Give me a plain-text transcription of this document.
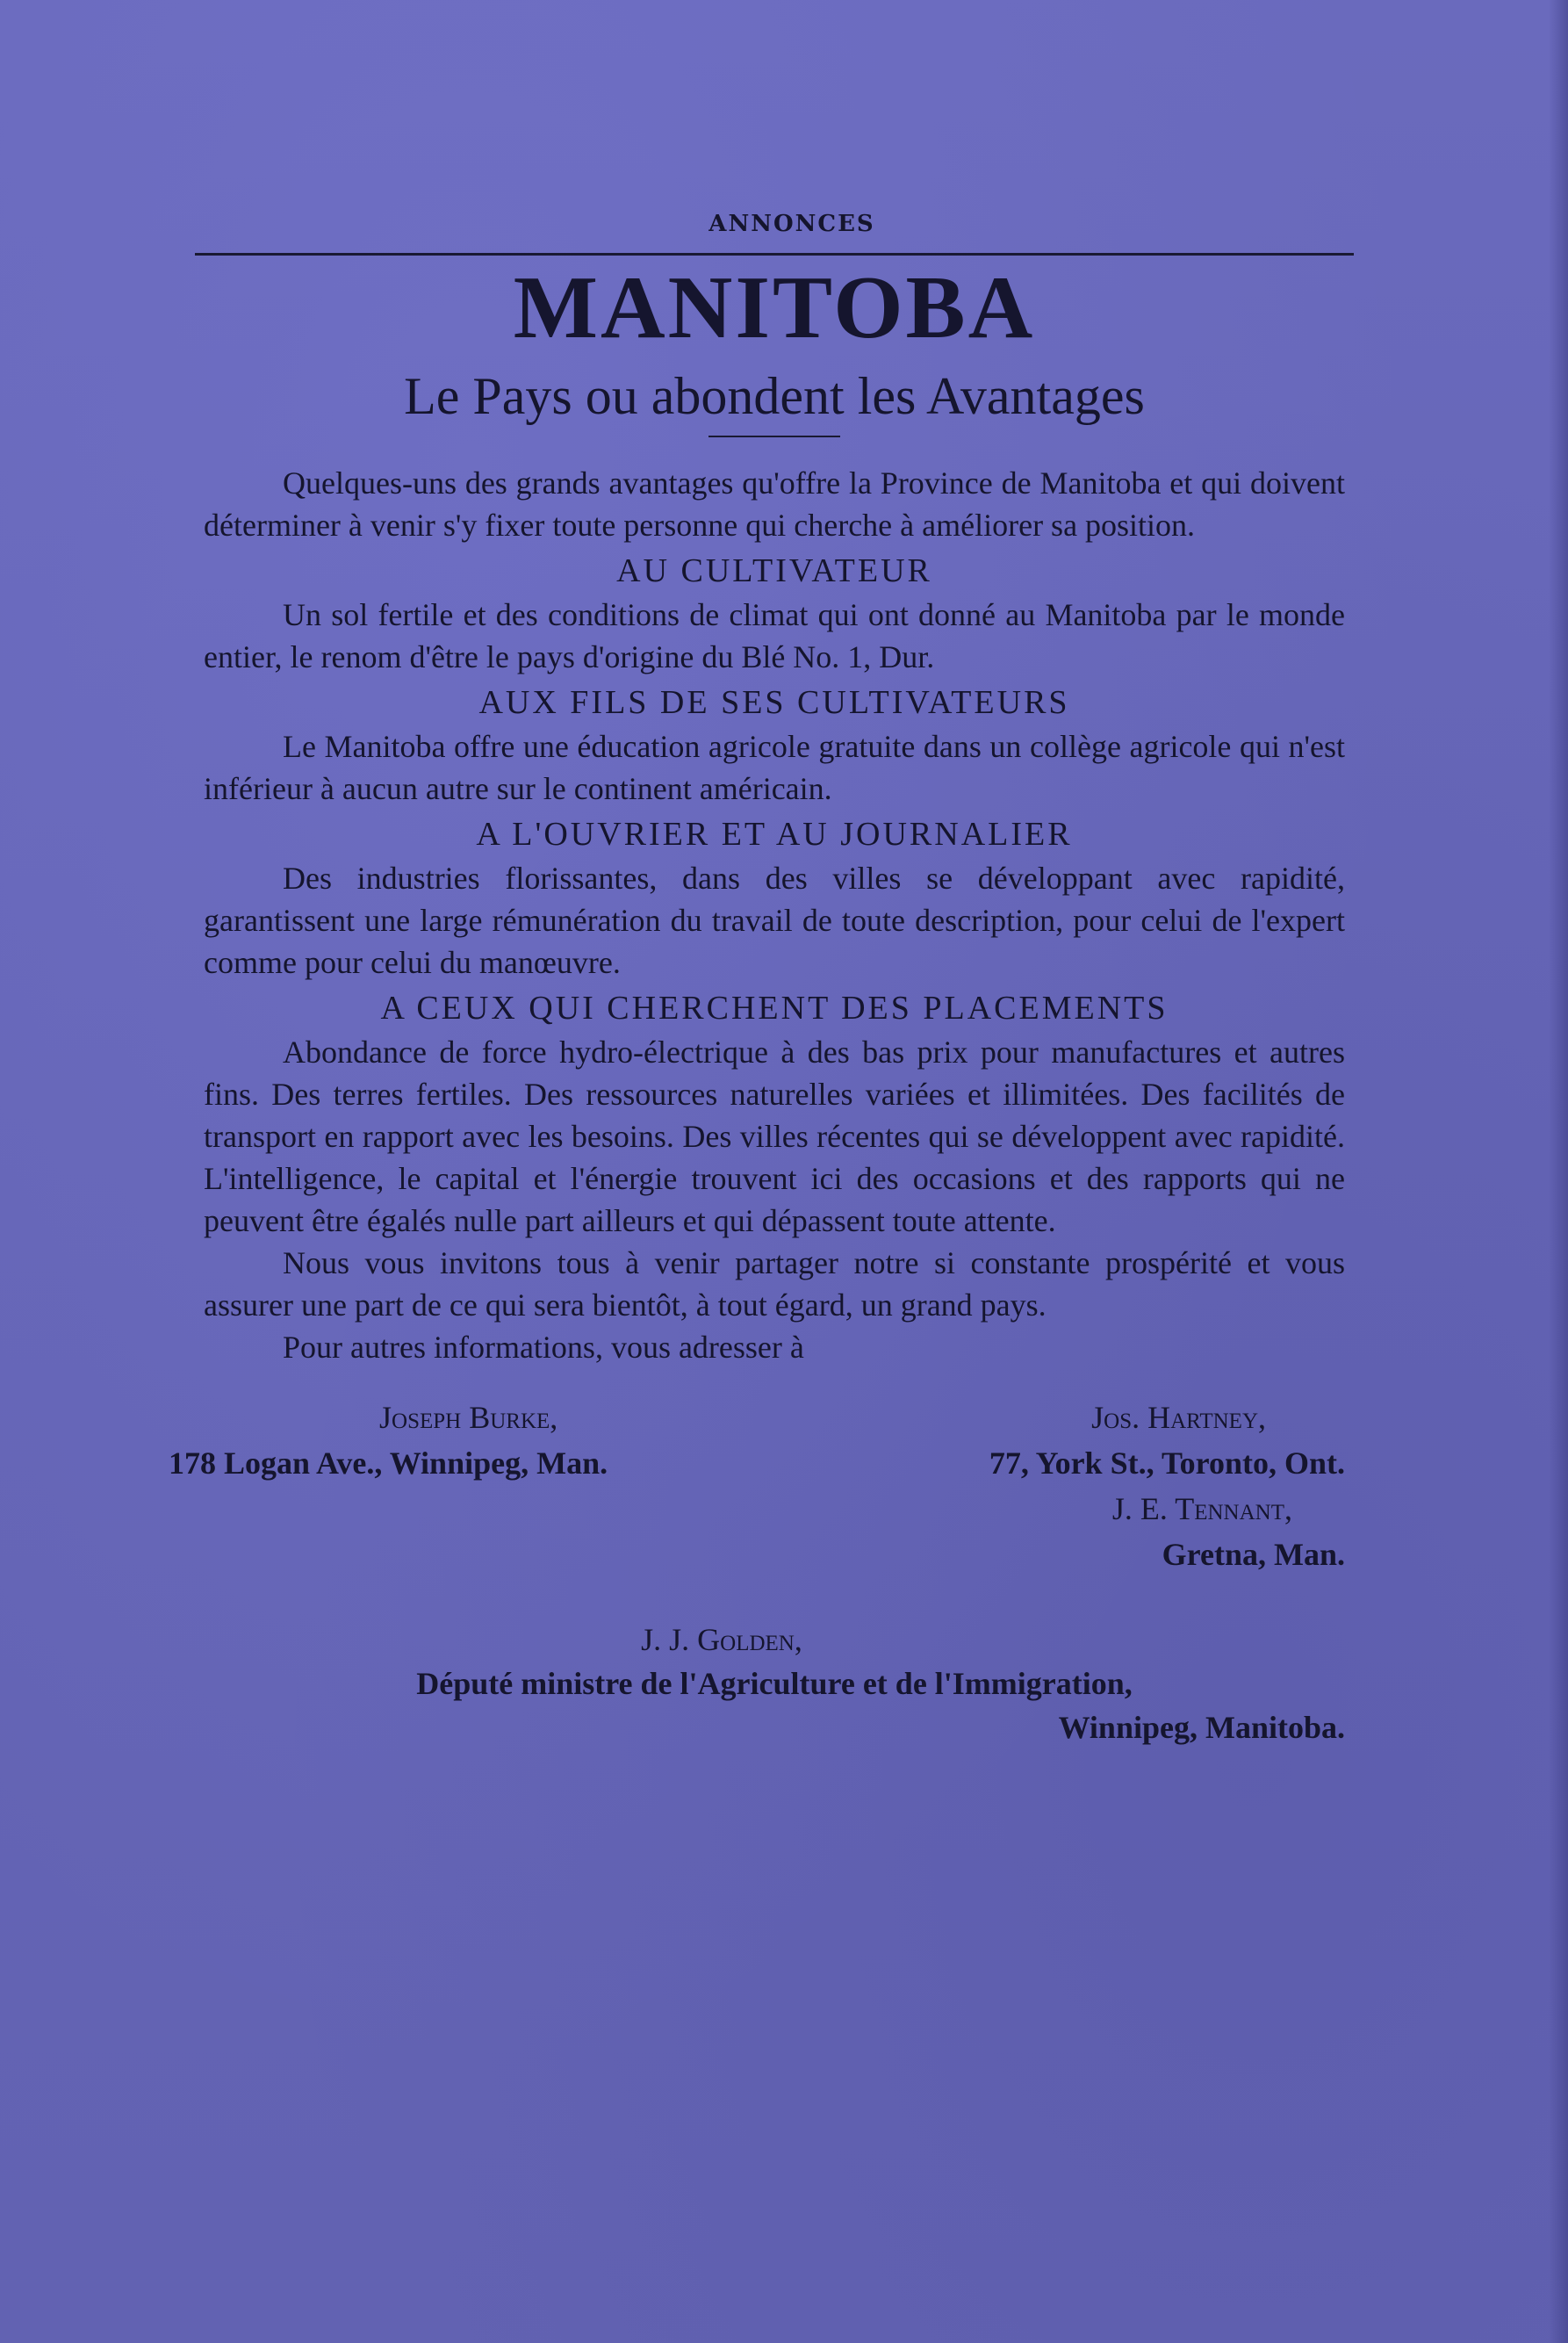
ANNONCES
MANITOBA
Le Pays ou abondent les Avantages

Quelques-uns des grands avantages qu'offre la Province de Manitoba et qui doivent déterminer à venir s'y fixer toute personne qui cherche à améliorer sa position.

AU CULTIVATEUR

Un sol fertile et des conditions de climat qui ont donné au Manitoba par le monde entier, le renom d'être le pays d'origine du Blé No. 1, Dur.

AUX FILS DE SES CULTIVATEURS

Le Manitoba offre une éducation agricole gratuite dans un collège agricole qui n'est inférieur à aucun autre sur le continent américain.

A L'OUVRIER ET AU JOURNALIER

Des industries florissantes, dans des villes se développant avec rapidité, garantissent une large rémunération du travail de toute description, pour celui de l'expert comme pour celui du manœuvre.

A CEUX QUI CHERCHENT DES PLACEMENTS

Abondance de force hydro-électrique à des bas prix pour manufactures et autres fins. Des terres fertiles. Des ressources naturelles variées et illimitées. Des facilités de transport en rapport avec les besoins. Des villes récentes qui se développent avec rapidité. L'intelligence, le capital et l'énergie trouvent ici des occasions et des rapports qui ne peuvent être égalés nulle part ailleurs et qui dépassent toute attente.

Nous vous invitons tous à venir partager notre si constante prospérité et vous assurer une part de ce qui sera bientôt, à tout égard, un grand pays.

Pour autres informations, vous adresser à

Joseph Burke,	Jos. Hartney,
178 Logan Ave., Winnipeg, Man.	77, York St., Toronto, Ont.
J. E. Tennant,
Gretna, Man.
J. J. Golden,
Député ministre de l'Agriculture et de l'Immigration,
Winnipeg, Manitoba.
